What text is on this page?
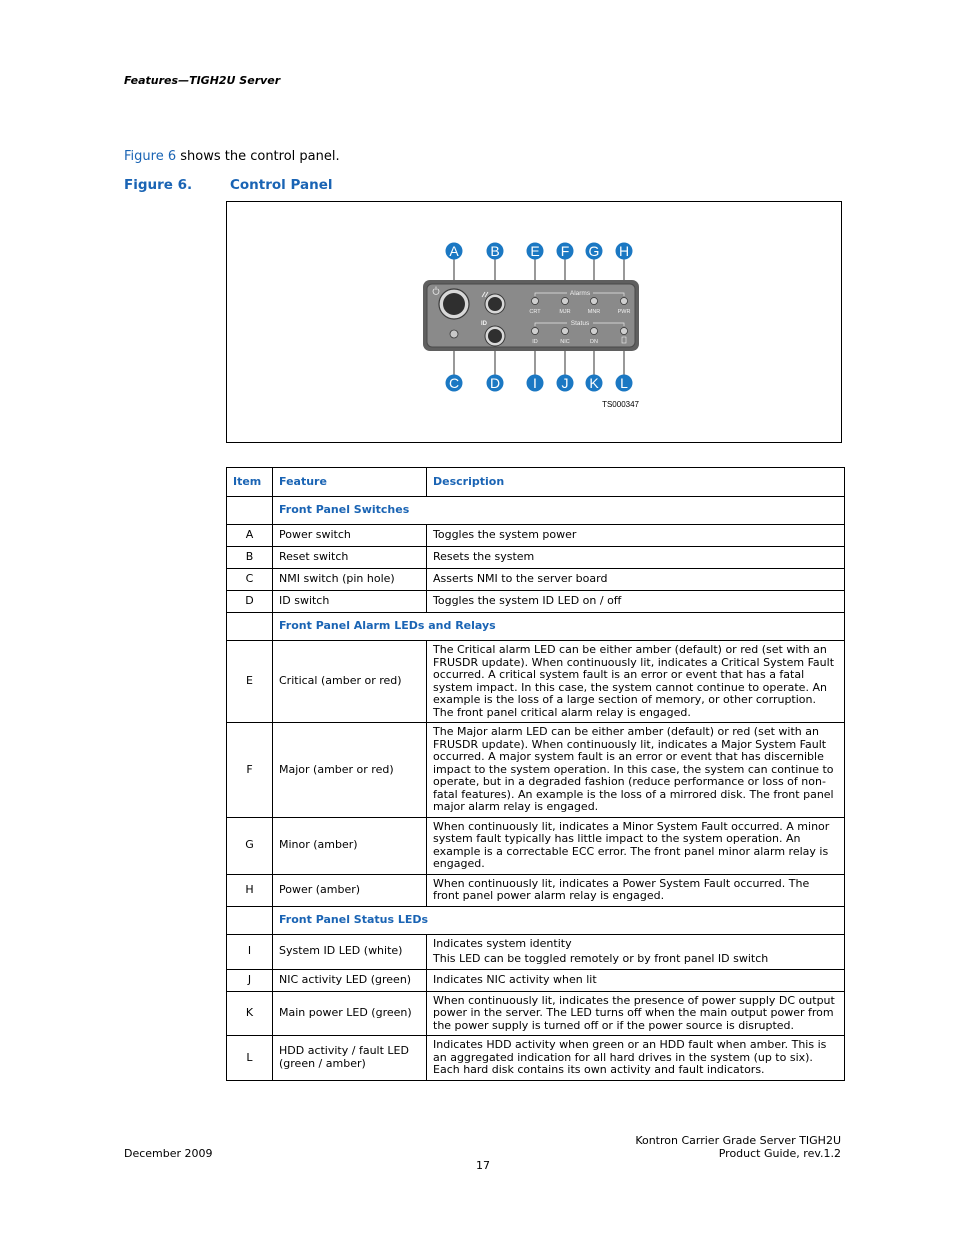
Features—TIGH2U Server
Figure 6 shows the control panel.
Figure 6.	Control Panel
Alarms
Status
ID
CRT	MJR	MNR	PWR
ID	NIC	DN
A B E F G H
C D I J K L
TS000347
Item	Feature	Description
	Front Panel Switches	
A	Power switch	Toggles the system power
B	Reset switch	Resets the system
C	NMI switch (pin hole)	Asserts NMI to the server board
D	ID switch	Toggles the system ID LED on / off
	Front Panel Alarm LEDs and Relays	
E	Critical (amber or red)	The Critical alarm LED can be either amber (default) or red (set with an FRUSDR update). When continuously lit, indicates a Critical System Fault occurred. A critical system fault is an error or event that has a fatal system impact. In this case, the system cannot continue to operate. An example is the loss of a large section of memory, or other corruption. The front panel critical alarm relay is engaged.
F	Major (amber or red)	The Major alarm LED can be either amber (default) or red (set with an FRUSDR update). When continuously lit, indicates a Major System Fault occurred. A major system fault is an error or event that has discernible impact to the system operation. In this case, the system can continue to operate, but in a degraded fashion (reduce performance or loss of non-fatal features). An example is the loss of a mirrored disk. The front panel major alarm relay is engaged.
G	Minor (amber)	When continuously lit, indicates a Minor System Fault occurred. A minor system fault typically has little impact to the system operation. An example is a correctable ECC error. The front panel minor alarm relay is engaged.
H	Power (amber)	When continuously lit, indicates a Power System Fault occurred. The front panel power alarm relay is engaged.
	Front Panel Status LEDs	
I	System ID LED (white)	Indicates system identity
This LED can be toggled remotely or by front panel ID switch

J	NIC activity LED (green)	Indicates NIC activity when lit
K	Main power LED (green)	When continuously lit, indicates the presence of power supply DC output power in the server. The LED turns off when the main output power from the power supply is turned off or if the power source is disrupted.
L	HDD activity / fault LED (green / amber)	Indicates HDD activity when green or an HDD fault when amber. This is an aggregated indication for all hard drives in the system (up to six). Each hard disk contains its own activity and fault indicators.
December 2009
Kontron Carrier Grade Server TIGH2U
Product Guide, rev.1.2
17
